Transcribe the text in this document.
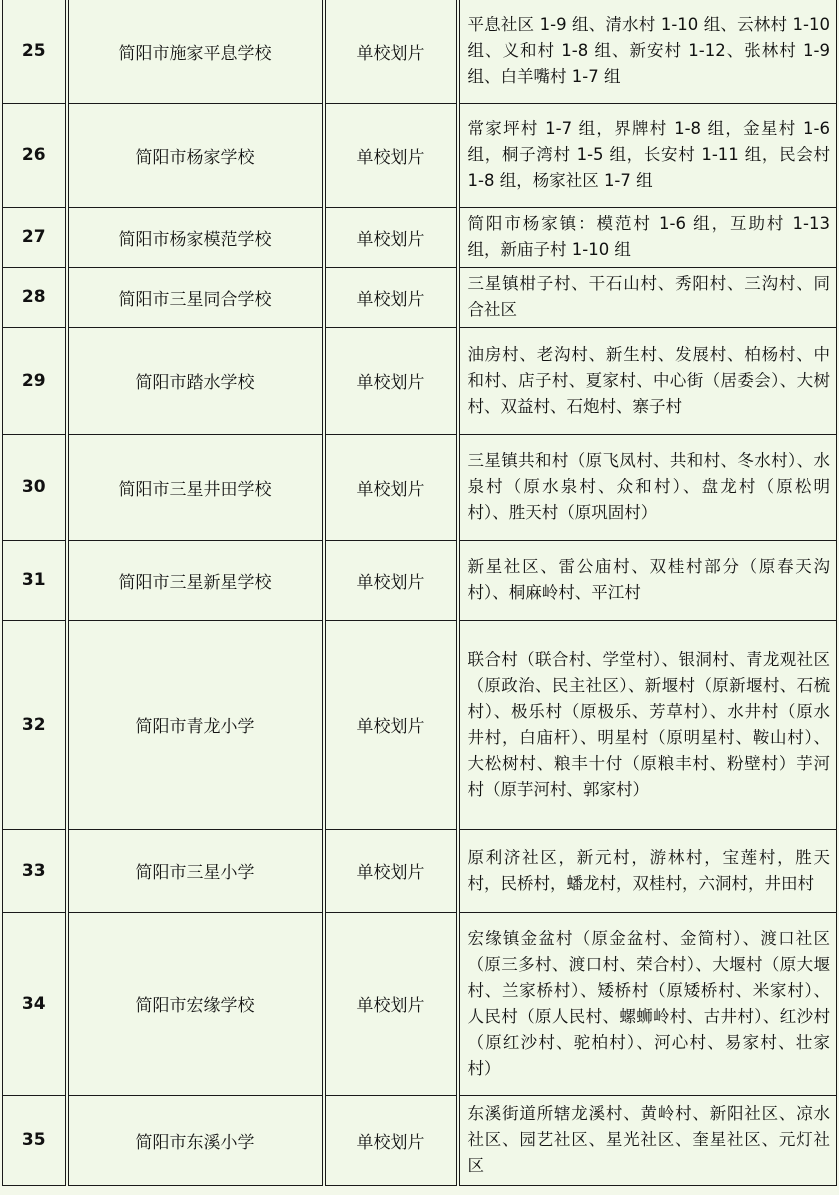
25	简阳市施家平息学校	单校划片	平息社区 1-9 组、清水村 1-10 组、云林村 1-10 组、义和村 1-8 组、新安村 1-12、张林村 1-9 组、白羊嘴村 1-7 组
26	简阳市杨家学校	单校划片	常家坪村 1-7 组，界牌村 1-8 组，金星村 1-6 组，桐子湾村 1-5 组，长安村 1-11 组，民会村 1-8 组，杨家社区 1-7 组
27	简阳市杨家模范学校	单校划片	简阳市杨家镇：模范村 1-6 组，互助村 1-13 组，新庙子村 1-10 组
28	简阳市三星同合学校	单校划片	三星镇柑子村、干石山村、秀阳村、三沟村、同合社区
29	简阳市踏水学校	单校划片	油房村、老沟村、新生村、发展村、柏杨村、中和村、店子村、夏家村、中心街（居委会）、大树村、双益村、石炮村、寨子村
30	简阳市三星井田学校	单校划片	三星镇共和村（原飞凤村、共和村、冬水村）、水泉村（原水泉村、众和村）、盘龙村（原松明村）、胜天村（原巩固村）
31	简阳市三星新星学校	单校划片	新星社区、雷公庙村、双桂村部分（原春天沟村）、桐麻岭村、平江村
32	简阳市青龙小学	单校划片	联合村（联合村、学堂村）、银洞村、青龙观社区（原政治、民主社区）、新堰村（原新堰村、石梳村）、极乐村（原极乐、芳草村）、水井村（原水井村，白庙杆）、明星村（原明星村、鞍山村）、大松树村、粮丰十付（原粮丰村、粉壁村）芋河村（原芋河村、郭家村）
33	简阳市三星小学	单校划片	原利济社区，新元村，游林村，宝莲村，胜天村，民桥村，蟠龙村，双桂村，六洞村，井田村
34	简阳市宏缘学校	单校划片	宏缘镇金盆村（原金盆村、金简村）、渡口社区（原三多村、渡口村、荣合村）、大堰村（原大堰村、兰家桥村）、矮桥村（原矮桥村、米家村）、人民村（原人民村、螺蛳岭村、古井村）、红沙村（原红沙村、驼柏村）、河心村、易家村、壮家村）
35	简阳市东溪小学	单校划片	东溪街道所辖龙溪村、黄岭村、新阳社区、凉水社区、园艺社区、星光社区、奎星社区、元灯社区
